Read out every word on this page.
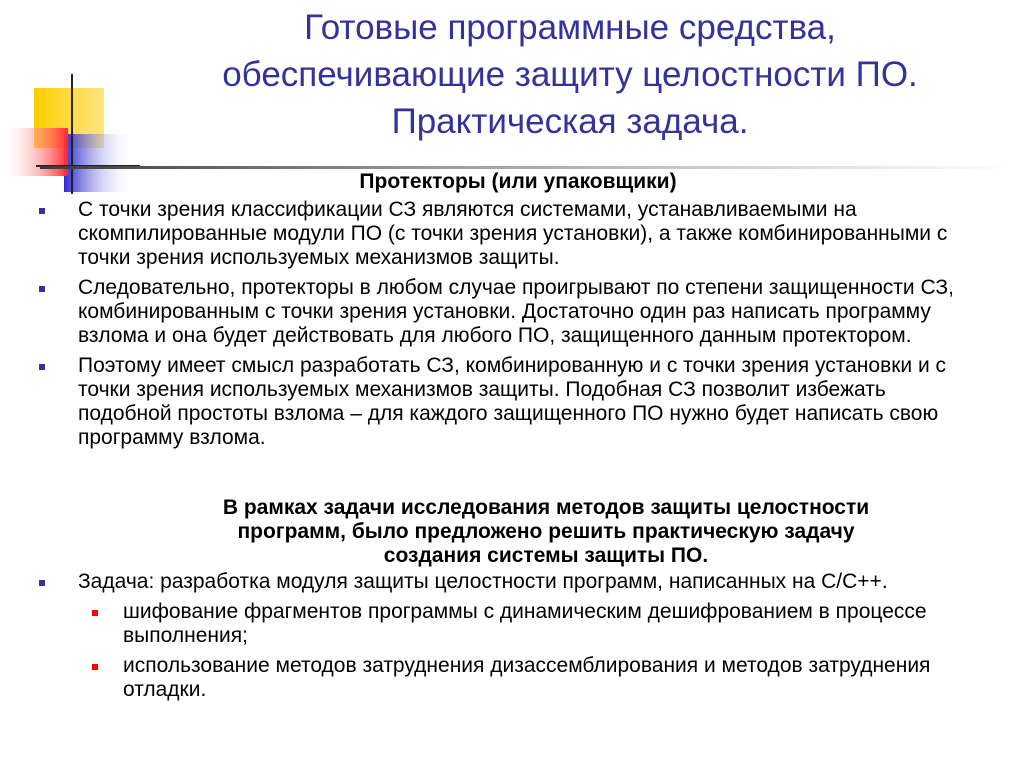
Готовые программные средства,
обеспечивающие защиту целостности ПО.
Практическая задача.
Протекторы (или упаковщики)
С точки зрения классификации СЗ являются системами, устанавливаемыми на скомпилированные модули ПО (с точки зрения установки), а также комбинированными с точки зрения используемых механизмов защиты.
Следовательно, протекторы в любом случае проигрывают по степени защищенности СЗ, комбинированным с точки зрения установки. Достаточно один раз написать программу взлома и она будет действовать для любого ПО, защищенного данным протектором.
Поэтому имеет смысл разработать СЗ, комбинированную и с точки зрения установки и с точки зрения используемых механизмов защиты. Подобная СЗ позволит избежать подобной простоты взлома – для каждого защищенного ПО нужно будет написать свою программу взлома.
В рамках задачи исследования методов защиты целостности
программ, было предложено решить практическую задачу
создания системы защиты ПО.
Задача: разработка модуля защиты целостности программ, написанных на C/C++.
шифование фрагментов программы с динамическим дешифрованием в процессе выполнения;
использование методов затруднения дизассемблирования и методов затруднения отладки.
